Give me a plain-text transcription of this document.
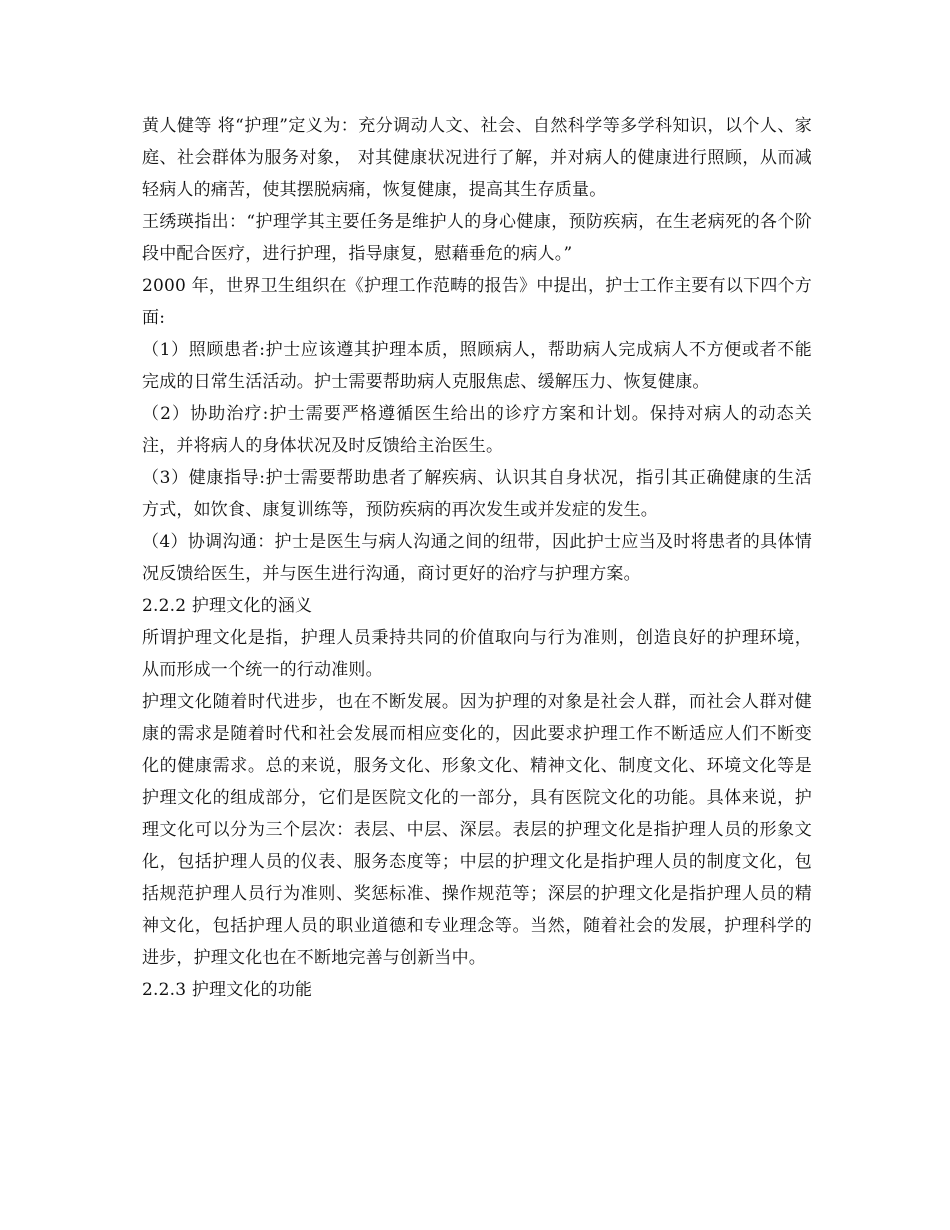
黄人健等 将“护理”定义为：充分调动人文、社会、自然科学等多学科知识，以个人、家庭、社会群体为服务对象， 对其健康状况进行了解，并对病人的健康进行照顾，从而减轻病人的痛苦，使其摆脱病痛，恢复健康，提高其生存质量。

王绣瑛指出：“护理学其主要任务是维护人的身心健康，预防疾病，在生老病死的各个阶段中配合医疗，进行护理，指导康复，慰藉垂危的病人。”

2000 年，世界卫生组织在《护理工作范畴的报告》中提出，护士工作主要有以下四个方面:

（1）照顾患者:护士应该遵其护理本质，照顾病人，帮助病人完成病人不方便或者不能完成的日常生活活动。护士需要帮助病人克服焦虑、缓解压力、恢复健康。

（2）协助治疗:护士需要严格遵循医生给出的诊疗方案和计划。保持对病人的动态关注，并将病人的身体状况及时反馈给主治医生。

（3）健康指导:护士需要帮助患者了解疾病、认识其自身状况，指引其正确健康的生活方式，如饮食、康复训练等，预防疾病的再次发生或并发症的发生。

（4）协调沟通：护士是医生与病人沟通之间的纽带，因此护士应当及时将患者的具体情况反馈给医生，并与医生进行沟通，商讨更好的治疗与护理方案。

2.2.2 护理文化的涵义

所谓护理文化是指，护理人员秉持共同的价值取向与行为准则，创造良好的护理环境，从而形成一个统一的行动准则。

护理文化随着时代进步，也在不断发展。因为护理的对象是社会人群，而社会人群对健康的需求是随着时代和社会发展而相应变化的，因此要求护理工作不断适应人们不断变化的健康需求。总的来说，服务文化、形象文化、精神文化、制度文化、环境文化等是护理文化的组成部分，它们是医院文化的一部分，具有医院文化的功能。具体来说，护理文化可以分为三个层次：表层、中层、深层。表层的护理文化是指护理人员的形象文化，包括护理人员的仪表、服务态度等；中层的护理文化是指护理人员的制度文化，包括规范护理人员行为准则、奖惩标准、操作规范等；深层的护理文化是指护理人员的精神文化，包括护理人员的职业道德和专业理念等。当然，随着社会的发展，护理科学的进步，护理文化也在不断地完善与创新当中。

2.2.3 护理文化的功能
